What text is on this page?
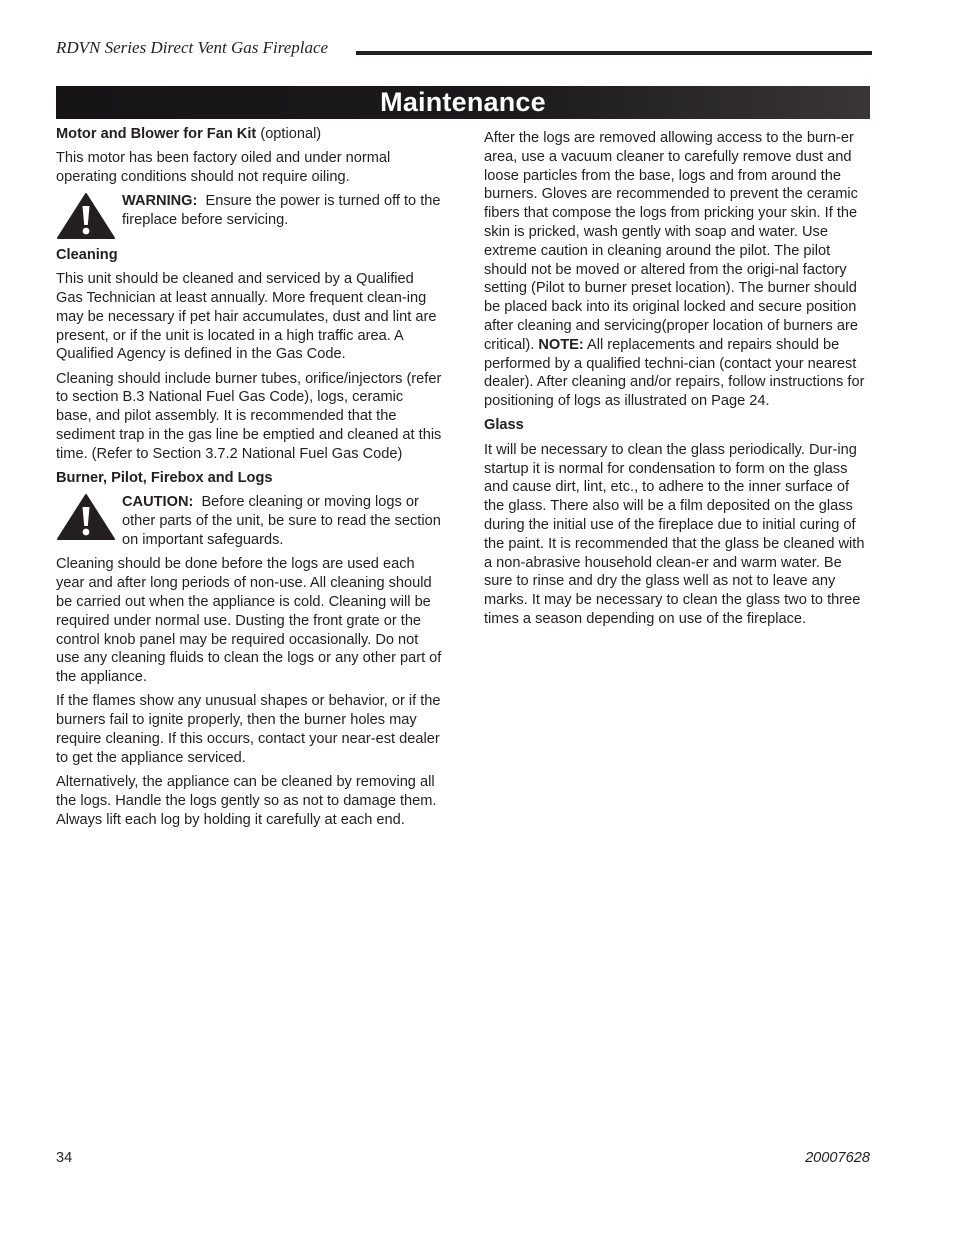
RDVN Series Direct Vent Gas Fireplace
Maintenance
Motor and Blower for Fan Kit (optional)

This motor has been factory oiled and under normal operating conditions should not require oiling.

WARNING: Ensure the power is turned off to the fireplace before servicing.
Cleaning

This unit should be cleaned and serviced by a Qualified Gas Technician at least annually. More frequent clean-ing may be necessary if pet hair accumulates, dust and lint are present, or if the unit is located in a high traffic area. A Qualified Agency is defined in the Gas Code.

Cleaning should include burner tubes, orifice/injectors (refer to section B.3 National Fuel Gas Code), logs, ceramic base, and pilot assembly. It is recommended that the sediment trap in the gas line be emptied and cleaned at this time. (Refer to Section 3.7.2 National Fuel Gas Code)

Burner, Pilot, Firebox and Logs
CAUTION: Before cleaning or moving logs or other parts of the unit, be sure to read the section on important safeguards.

Cleaning should be done before the logs are used each year and after long periods of non-use. All cleaning should be carried out when the appliance is cold. Cleaning will be required under normal use. Dusting the front grate or the control knob panel may be required occasionally. Do not use any cleaning fluids to clean the logs or any other part of the appliance.

If the flames show any unusual shapes or behavior, or if the burners fail to ignite properly, then the burner holes may require cleaning. If this occurs, contact your near-est dealer to get the appliance serviced.

Alternatively, the appliance can be cleaned by removing all the logs. Handle the logs gently so as not to damage them. Always lift each log by holding it carefully at each end.

After the logs are removed allowing access to the burn-er area, use a vacuum cleaner to carefully remove dust and loose particles from the base, logs and from around the burners. Gloves are recommended to prevent the ceramic fibers that compose the logs from pricking your skin. If the skin is pricked, wash gently with soap and water. Use extreme caution in cleaning around the pilot. The pilot should not be moved or altered from the origi-nal factory setting (Pilot to burner preset location). The burner should be placed back into its original locked and secure position after cleaning and servicing(proper location of burners are critical). NOTE: All replacements and repairs should be performed by a qualified techni-cian (contact your nearest dealer). After cleaning and/or repairs, follow instructions for positioning of logs as illustrated on Page 24.

Glass

It will be necessary to clean the glass periodically. Dur-ing startup it is normal for condensation to form on the glass and cause dirt, lint, etc., to adhere to the inner surface of the glass. There also will be a film deposited on the glass during the initial use of the fireplace due to initial curing of the paint. It is recommended that the glass be cleaned with a non-abrasive household clean-er and warm water. Be sure to rinse and dry the glass well as not to leave any marks. It may be necessary to clean the glass two to three times a season depending on use of the fireplace.

34	20007628
